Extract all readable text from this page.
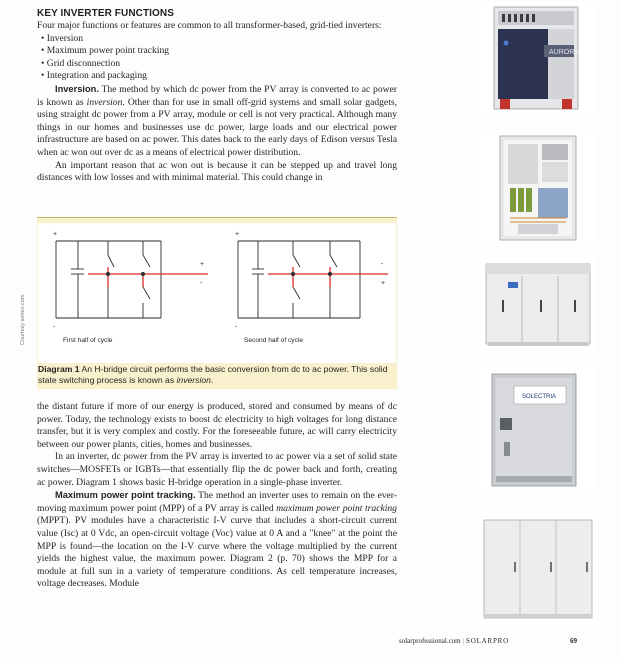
KEY INVERTER FUNCTIONS
Four major functions or features are common to all transformer-based, grid-tied inverters:
• Inversion
• Maximum power point tracking
• Grid disconnection
• Integration and packaging
Inversion. The method by which dc power from the PV array is converted to ac power is known as inversion. Other than for use in small off-grid systems and small solar gadgets, using straight dc power from a PV array, module or cell is not very practical. Although many things in our homes and businesses use dc power, large loads and our electrical power infrastructure are based on ac power. This dates back to the early days of Edison versus Tesla when ac won out over dc as a means of electrical power distribution.
An important reason that ac won out is because it can be stepped up and travel long distances with low losses and with minimal material. This could change in
Courtesy solren.com
+
-
+
-
+
-
-
+
First half of cycle	Second half of cycle
Diagram 1 An H-bridge circuit performs the basic conversion from dc to ac power. This solid state switching process is known as inversion.
the distant future if more of our energy is produced, stored and consumed by means of dc power. Today, the technology exists to boost dc electricity to high voltages for long distance transfer, but it is very complex and costly. For the foreseeable future, ac will carry electricity between our power plants, cities, homes and businesses.
In an inverter, dc power from the PV array is inverted to ac power via a set of solid state switches—MOSFETs or IGBTs—that essentially flip the dc power back and forth, creating ac power. Diagram 1 shows basic H-bridge operation in a single-phase inverter.
Maximum power point tracking. The method an inverter uses to remain on the ever-moving maximum power point (MPP) of a PV array is called maximum power point tracking (MPPT). PV modules have a characteristic I-V curve that includes a short-circuit current value (Isc) at 0 Vdc, an open-circuit voltage (Voc) value at 0 A and a "knee" at the point the MPP is found—the location on the I-V curve where the voltage multiplied by the current yields the highest value, the maximum power. Diagram 2 (p. 70) shows the MPP for a module at full sun in a variety of temperature conditions. As cell temperature increases, voltage decreases. Module
AURORA
SOLECTRIA
solarprofessional.com | SOLARPRO	69
